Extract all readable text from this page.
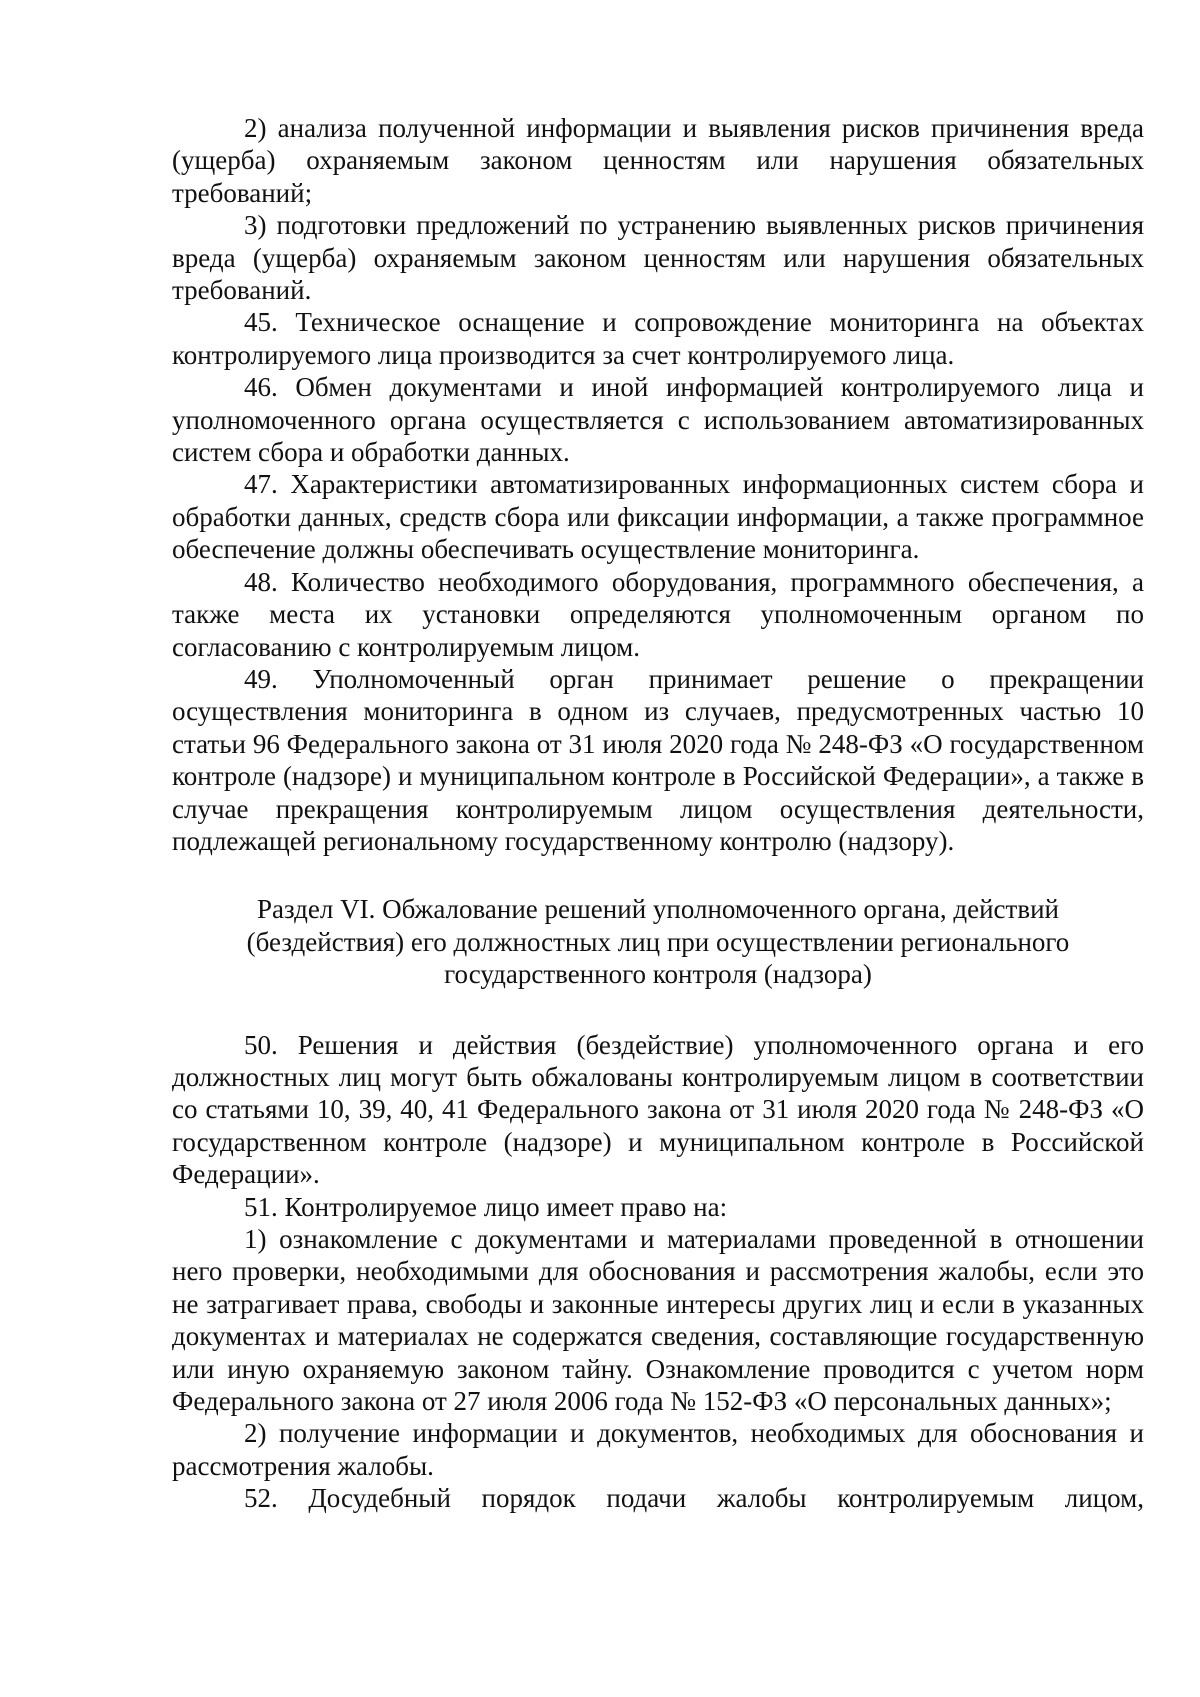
2) анализа полученной информации и выявления рисков причинения вреда (ущерба) охраняемым законом ценностям или нарушения обязательных требований;

3) подготовки предложений по устранению выявленных рисков причинения вреда (ущерба) охраняемым законом ценностям или нарушения обязательных требований.

45. Техническое оснащение и сопровождение мониторинга на объектах контролируемого лица производится за счет контролируемого лица.

46. Обмен документами и иной информацией контролируемого лица и уполномоченного органа осуществляется с использованием автоматизированных систем сбора и обработки данных.

47. Характеристики автоматизированных информационных систем сбора и обработки данных, средств сбора или фиксации информации, а также программное обеспечение должны обеспечивать осуществление мониторинга.

48. Количество необходимого оборудования, программного обеспечения, а также места их установки определяются уполномоченным органом по согласованию с контролируемым лицом.

49. Уполномоченный орган принимает решение о прекращении осуществления мониторинга в одном из случаев, предусмотренных частью 10 статьи 96 Федерального закона от 31 июля 2020 года № 248-ФЗ «О государственном контроле (надзоре) и муниципальном контроле в Российской Федерации», а также в случае прекращения контролируемым лицом осуществления деятельности, подлежащей региональному государственному контролю (надзору).

Раздел VI. Обжалование решений уполномоченного органа, действий
(бездействия) его должностных лиц при осуществлении регионального
государственного контроля (надзора)

50. Решения и действия (бездействие) уполномоченного органа и его должностных лиц могут быть обжалованы контролируемым лицом в соответствии со статьями 10, 39, 40, 41 Федерального закона от 31 июля 2020 года № 248-ФЗ «О государственном контроле (надзоре) и муниципальном контроле в Российской Федерации».

51. Контролируемое лицо имеет право на:

1) ознакомление с документами и материалами проведенной в отношении него проверки, необходимыми для обоснования и рассмотрения жалобы, если это не затрагивает права, свободы и законные интересы других лиц и если в указанных документах и материалах не содержатся сведения, составляющие государственную или иную охраняемую законом тайну. Ознакомление проводится с учетом норм Федерального закона от 27 июля 2006 года № 152-ФЗ «О персональных данных»;

2) получение информации и документов, необходимых для обоснования и рассмотрения жалобы.

52. Досудебный порядок подачи жалобы контролируемым лицом,
